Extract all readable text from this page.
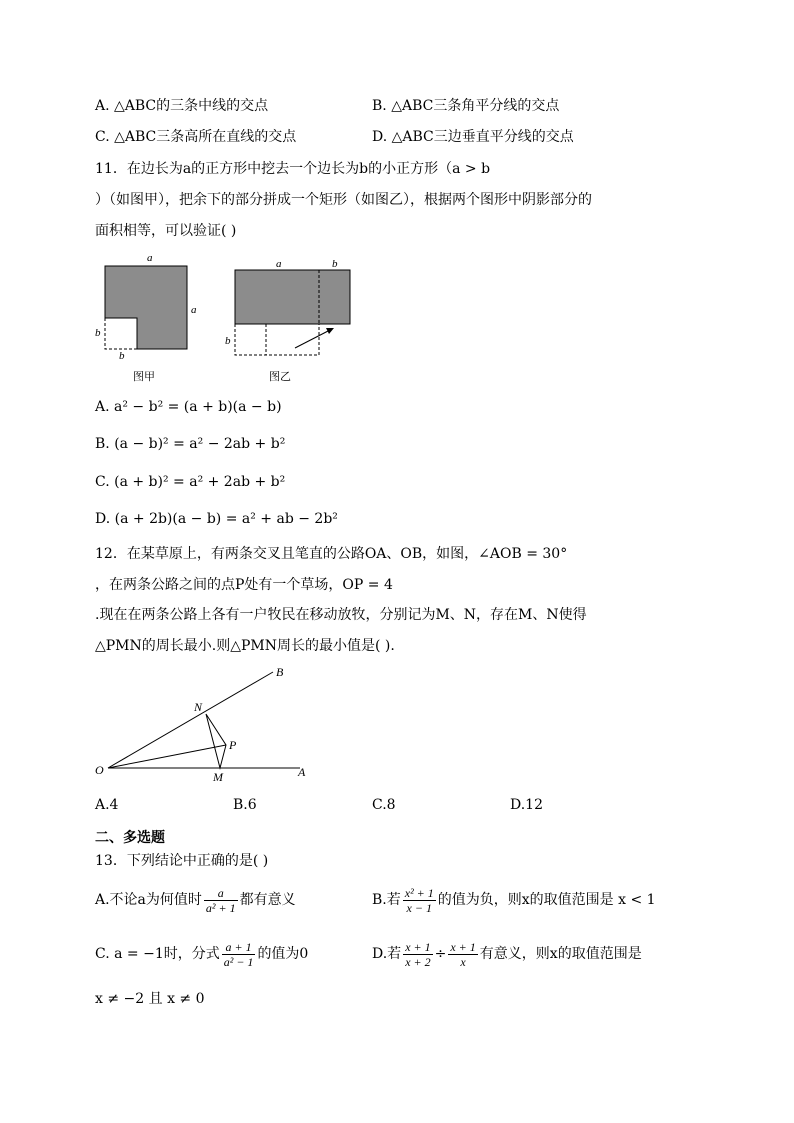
A. △ABC的三条中线的交点	B. △ABC三条角平分线的交点
C. △ABC三条高所在直线的交点	D. △ABC三边垂直平分线的交点
11．在边长为a的正方形中挖去一个边长为b的小正方形（a > b
）（如图甲），把余下的部分拼成一个矩形（如图乙），根据两个图形中阴影部分的
面积相等，可以验证( )
a
a
b
b
图甲
a	b
b
图乙
A. a² − b² = (a + b)(a − b)
B. (a − b)² = a² − 2ab + b²
C. (a + b)² = a² + 2ab + b²
D. (a + 2b)(a − b) = a² + ab − 2b²
12．在某草原上，有两条交叉且笔直的公路OA、OB，如图，∠AOB = 30°
，在两条公路之间的点P处有一个草场，OP = 4
.现在在两条公路上各有一户牧民在移动放牧，分别记为M、N，存在M、N使得
△PMN的周长最小.则△PMN周长的最小值是( ).
O	A
B
N
P
M
A.4	B.6	C.8	D.12
二、多选题
13．下列结论中正确的是( )
A.不论a为何值时 $\frac{a}{\text{a² + 1}}$ 都有意义	B.若 $\frac{\text{x² + 1}}{x - 1}$ 的值为负，则x的取值范围是 x < 1
C. a = −1时，分式 $\frac{a + 1}{\text{a² − 1}}$ 的值为0	D.若 $\frac{x + 1}{x + 2} \div \frac{x + 1}{x}$ 有意义，则x的取值范围是
x ≠ −2 且 x ≠ 0
